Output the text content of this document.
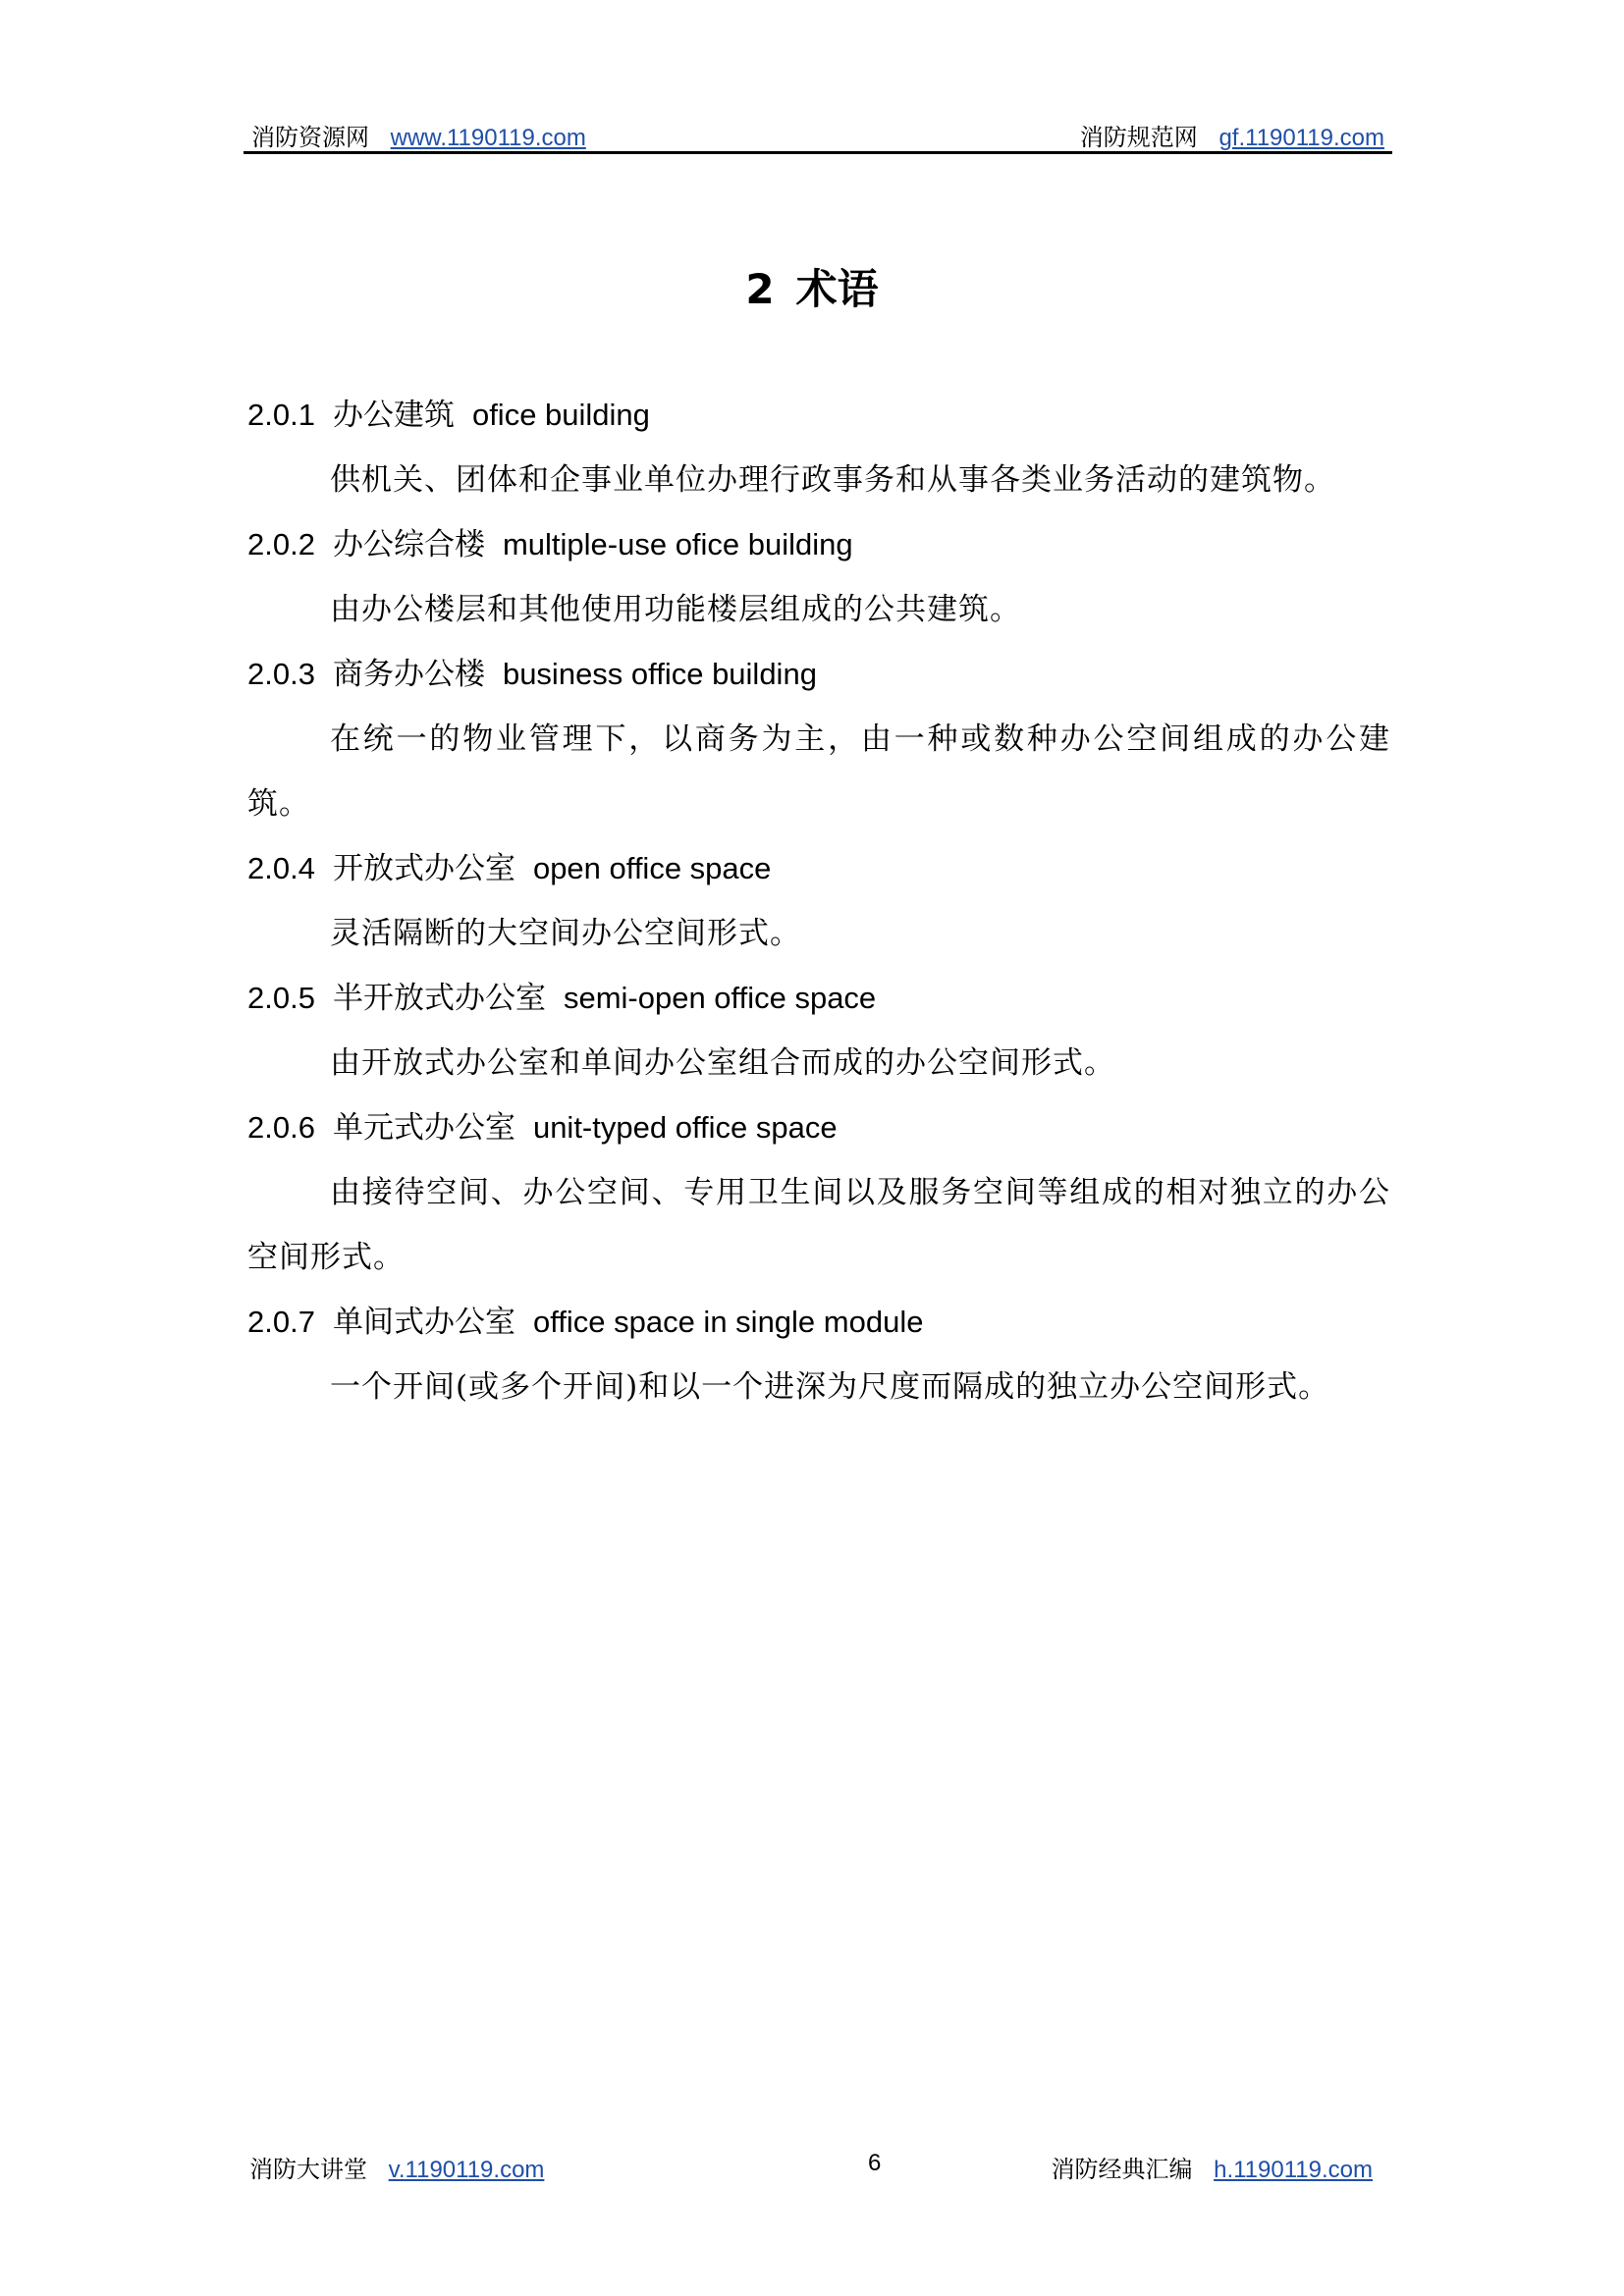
消防资源网 www.1190119.com	消防规范网 gf.1190119.com
2 术语
2.0.1 办公建筑 ofice building
供机关、团体和企事业单位办理行政事务和从事各类业务活动的建筑物。
2.0.2 办公综合楼 multiple-use ofice building
由办公楼层和其他使用功能楼层组成的公共建筑。
2.0.3 商务办公楼 business office building
在统一的物业管理下，以商务为主，由一种或数种办公空间组成的办公建筑。
2.0.4 开放式办公室 open office space
灵活隔断的大空间办公空间形式。
2.0.5 半开放式办公室 semi-open office space
由开放式办公室和单间办公室组合而成的办公空间形式。
2.0.6 单元式办公室 unit-typed office space
由接待空间、办公空间、专用卫生间以及服务空间等组成的相对独立的办公空间形式。
2.0.7 单间式办公室 office space in single module
一个开间(或多个开间)和以一个进深为尺度而隔成的独立办公空间形式。
消防大讲堂 v.1190119.com	6	消防经典汇编 h.1190119.com
